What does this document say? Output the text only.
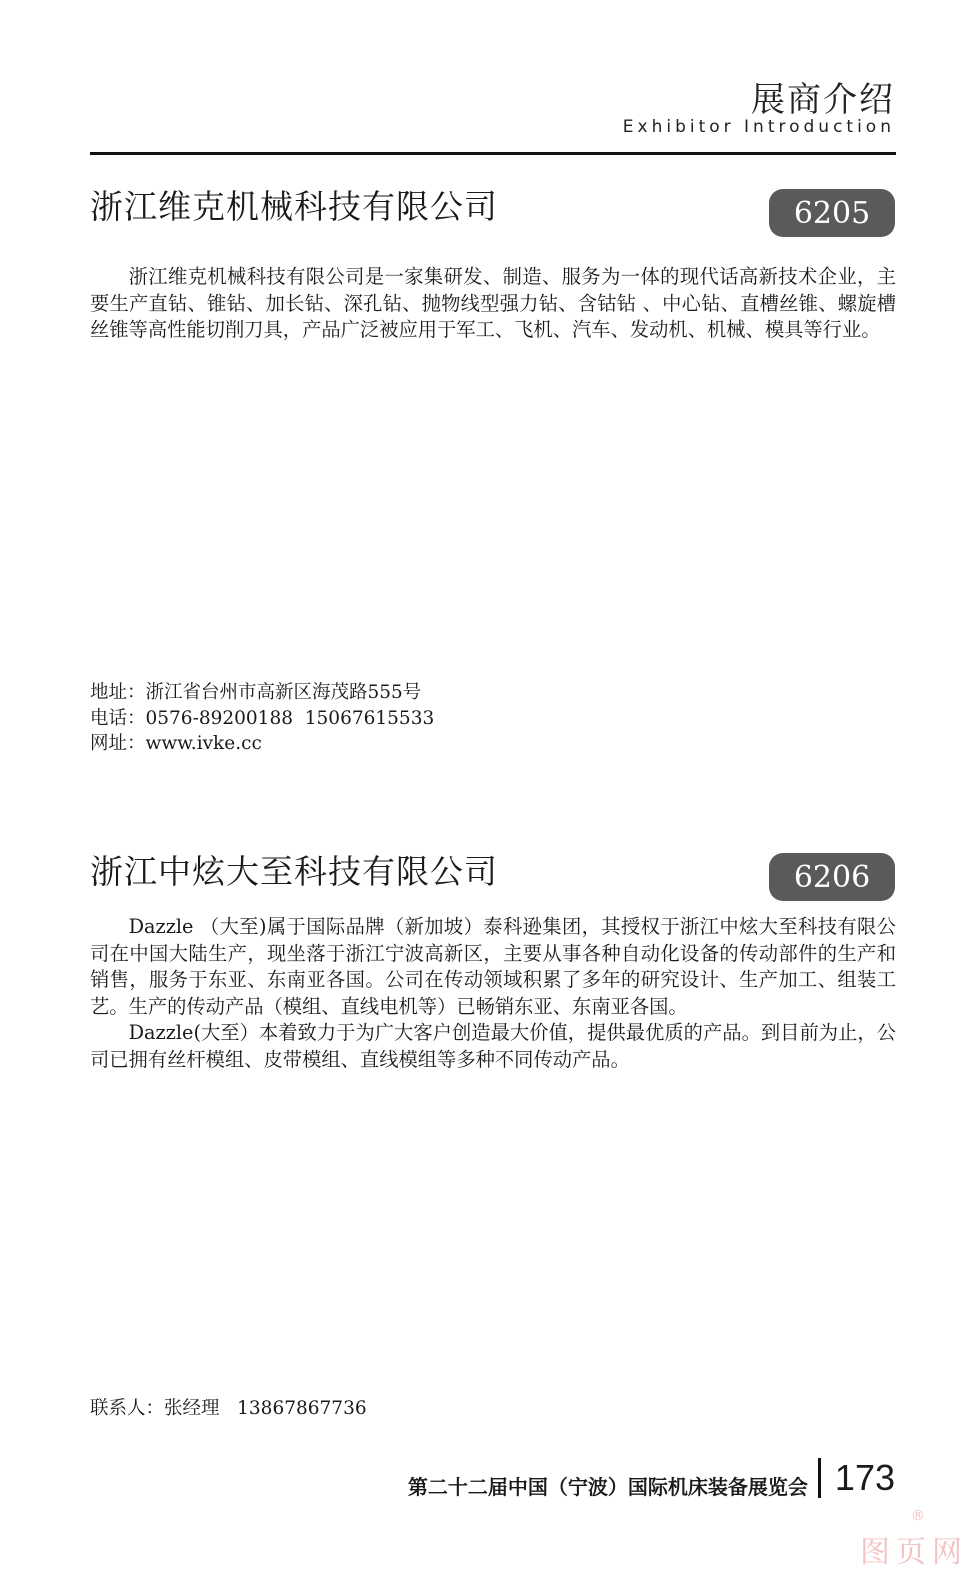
展商介绍
Exhibitor Introduction
浙江维克机械科技有限公司	6205

浙江维克机械科技有限公司是一家集研发、制造、服务为一体的现代话高新技术企业，主要生产直钻、锥钻、加长钻、深孔钻、抛物线型强力钻、含钴钻 、中心钻、直槽丝锥、螺旋槽丝锥等高性能切削刀具，产品广泛被应用于军工、飞机、汽车、发动机、机械、模具等行业。

地址：浙江省台州市高新区海茂路555号
电话：0576-89200188  15067615533
网址：www.ivke.cc
浙江中炫大至科技有限公司	6206

Dazzle （大至)属于国际品牌（新加坡）泰科逊集团，其授权于浙江中炫大至科技有限公司在中国大陆生产，现坐落于浙江宁波高新区，主要从事各种自动化设备的传动部件的生产和销售，服务于东亚、东南亚各国。公司在传动领域积累了多年的研究设计、生产加工、组装工艺。生产的传动产品（模组、直线电机等）已畅销东亚、东南亚各国。

Dazzle(大至）本着致力于为广大客户创造最大价值，提供最优质的产品。到目前为止，公司已拥有丝杆模组、皮带模组、直线模组等多种不同传动产品。

联系人：张经理   13867867736
第二十二届中国（宁波）国际机床装备展览会 173
®
图页网
